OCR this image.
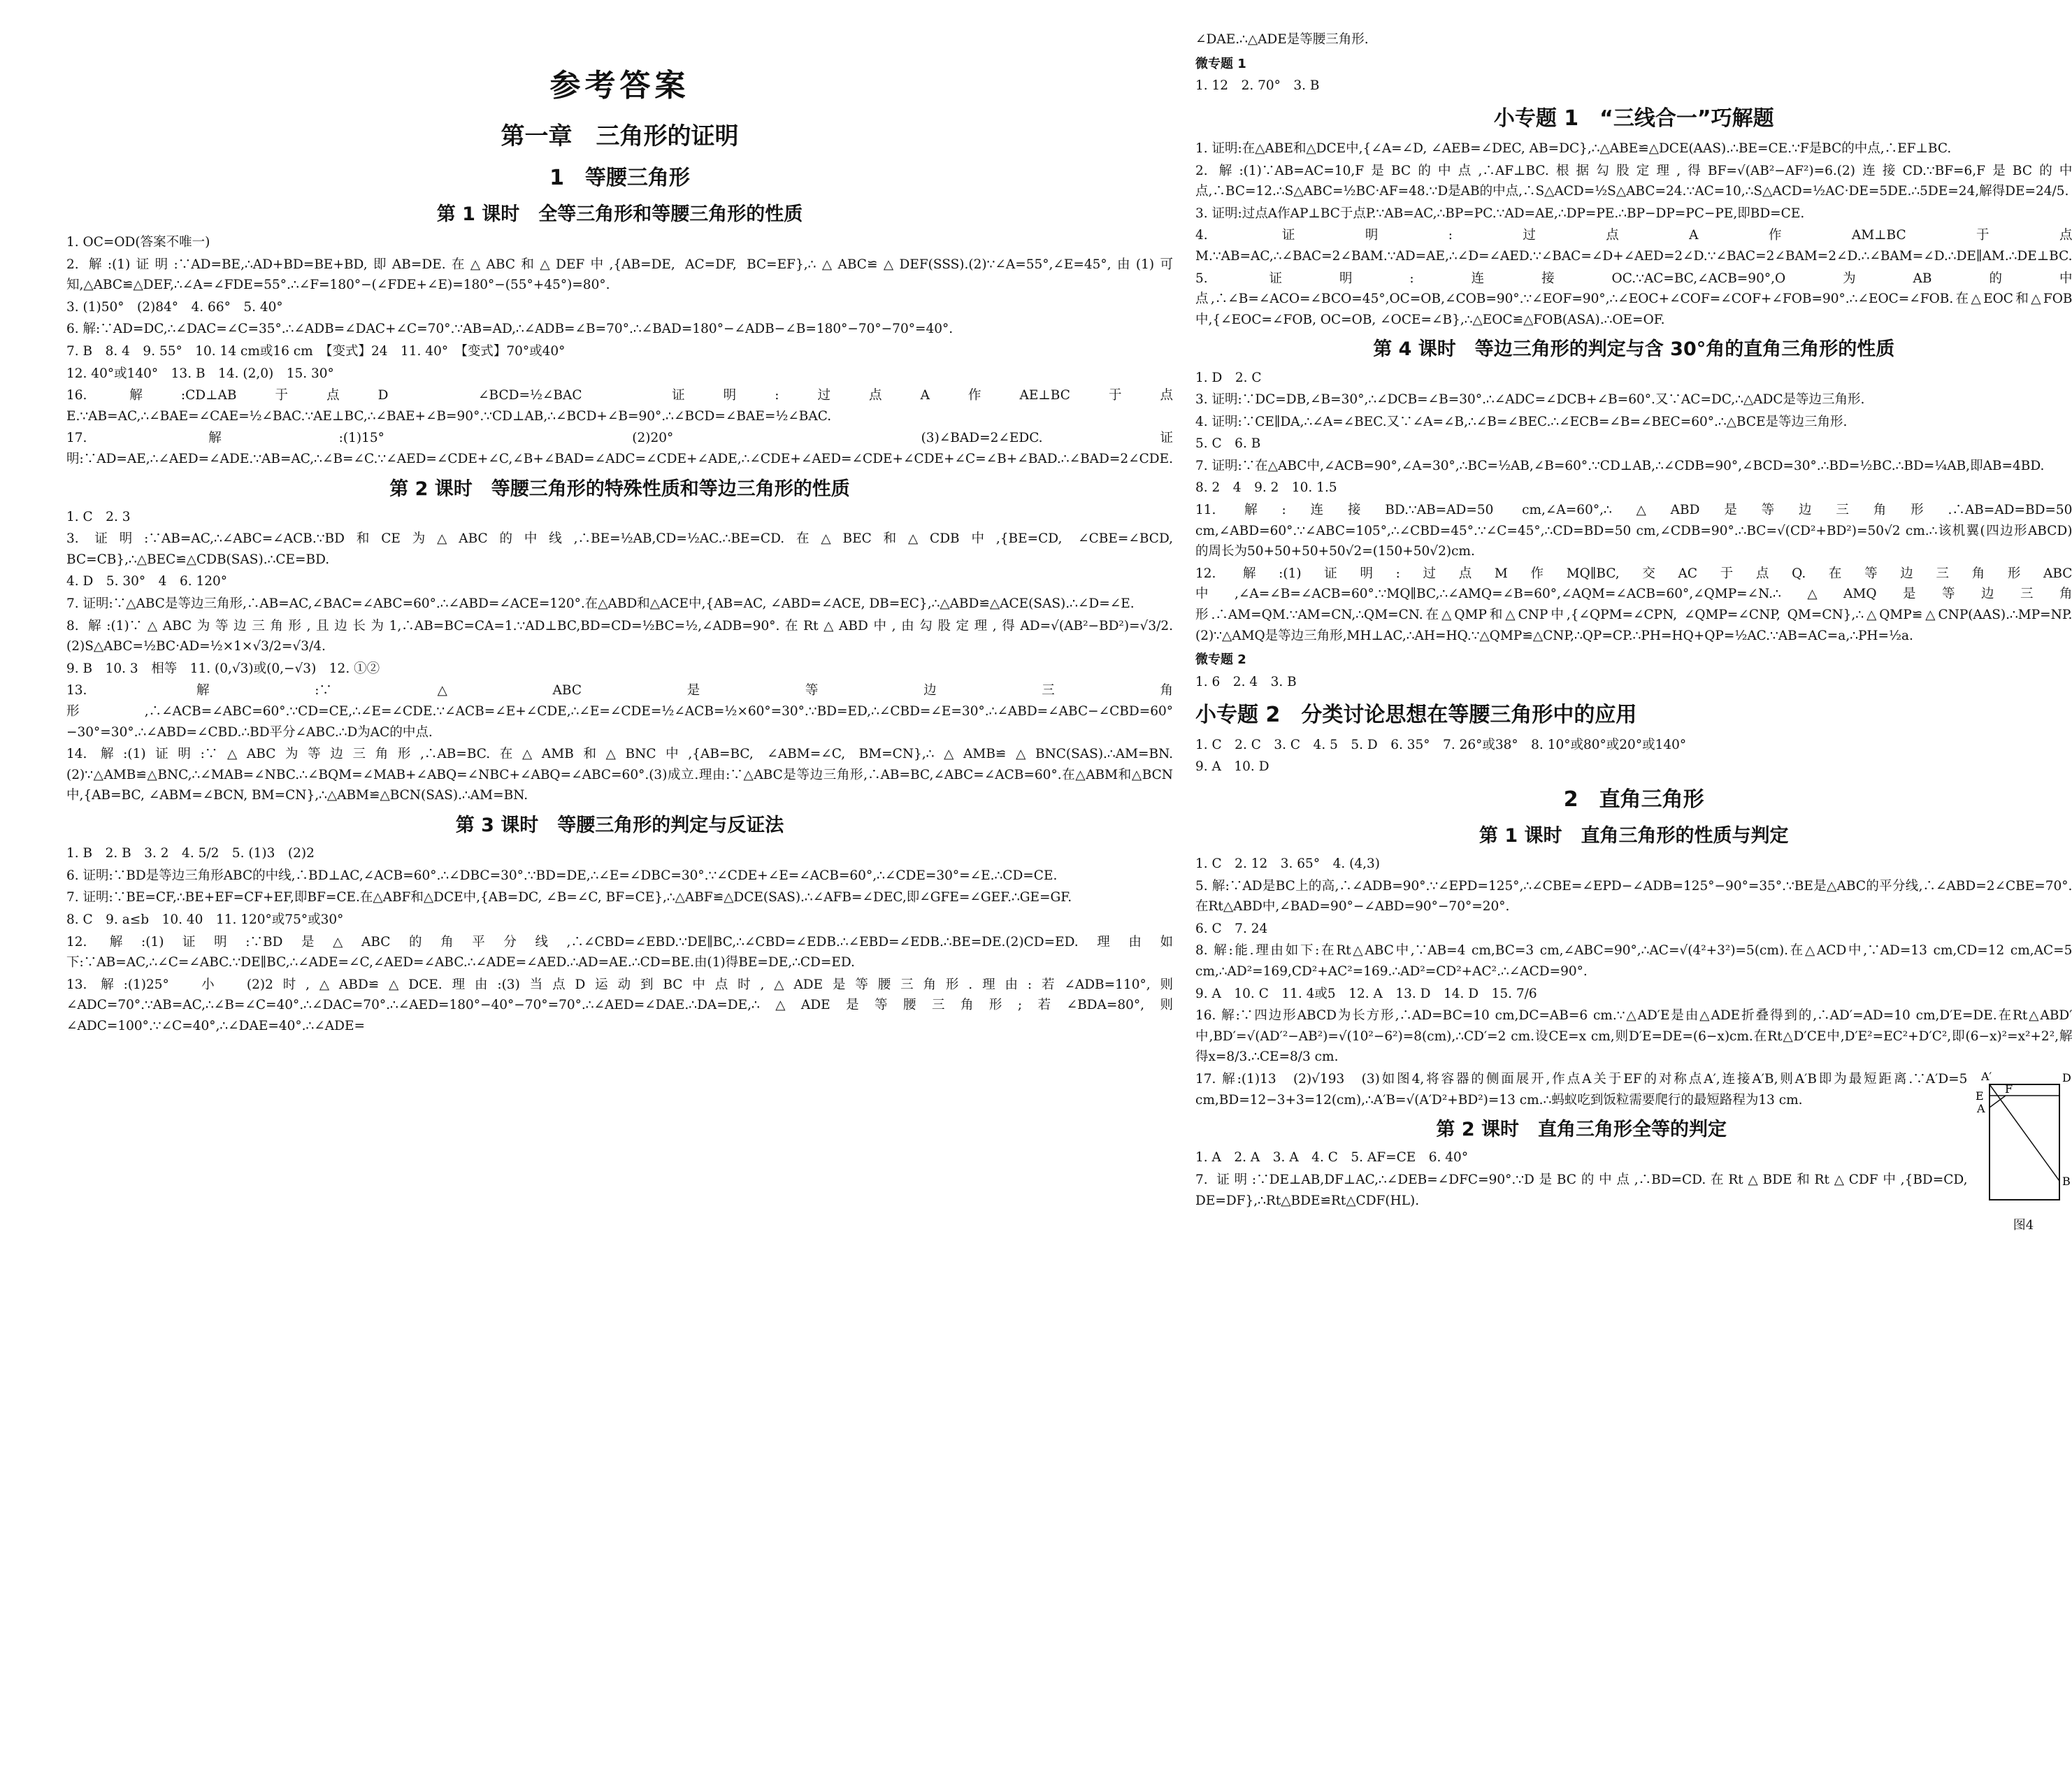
参考答案
第一章　三角形的证明
1　等腰三角形
第 1 课时　全等三角形和等腰三角形的性质

1. OC=OD(答案不唯一)

2. 解:(1)证明:∵AD=BE,∴AD+BD=BE+BD,即AB=DE.在△ABC和△DEF中,{AB=DE, AC=DF, BC=EF},∴△ABC≌△DEF(SSS).(2)∵∠A=55°,∠E=45°,由(1)可知,△ABC≌△DEF,∴∠A=∠FDE=55°.∴∠F=180°−(∠FDE+∠E)=180°−(55°+45°)=80°.

3. (1)50°　(2)84°　4. 66°　5. 40°

6. 解:∵AD=DC,∴∠DAC=∠C=35°.∴∠ADB=∠DAC+∠C=70°.∵AB=AD,∴∠ADB=∠B=70°.∴∠BAD=180°−∠ADB−∠B=180°−70°−70°=40°.

7. B　8. 4　9. 55°　10. 14 cm或16 cm　【变式】24　11. 40°　【变式】70°或40°

12. 40°或140°　13. B　14. (2,0)　15. 30°

16. 解:CD⊥AB于点D　∠BCD=½∠BAC　证明:过点A作AE⊥BC于点E.∵AB=AC,∴∠BAE=∠CAE=½∠BAC.∵AE⊥BC,∴∠BAE+∠B=90°.∵CD⊥AB,∴∠BCD+∠B=90°.∴∠BCD=∠BAE=½∠BAC.

17. 解:(1)15°　(2)20°　(3)∠BAD=2∠EDC.证明:∵AD=AE,∴∠AED=∠ADE.∵AB=AC,∴∠B=∠C.∵∠AED=∠CDE+∠C,∠B+∠BAD=∠ADC=∠CDE+∠ADE,∴∠CDE+∠AED=∠CDE+∠CDE+∠C=∠B+∠BAD.∴∠BAD=2∠CDE.

第 2 课时　等腰三角形的特殊性质和等边三角形的性质

1. C　2. 3

3. 证明:∵AB=AC,∴∠ABC=∠ACB.∵BD和CE为△ABC的中线,∴BE=½AB,CD=½AC.∴BE=CD.在△BEC和△CDB中,{BE=CD, ∠CBE=∠BCD, BC=CB},∴△BEC≌△CDB(SAS).∴CE=BD.

4. D　5. 30°　4　6. 120°

7. 证明:∵△ABC是等边三角形,∴AB=AC,∠BAC=∠ABC=60°.∴∠ABD=∠ACE=120°.在△ABD和△ACE中,{AB=AC, ∠ABD=∠ACE, DB=EC},∴△ABD≌△ACE(SAS).∴∠D=∠E.

8. 解:(1)∵△ABC为等边三角形,且边长为1,∴AB=BC=CA=1.∵AD⊥BC,BD=CD=½BC=½,∠ADB=90°.在Rt△ABD中,由勾股定理,得AD=√(AB²−BD²)=√3/2.(2)S△ABC=½BC·AD=½×1×√3/2=√3/4.

9. B　10. 3　相等　11. (0,√3)或(0,−√3)　12. ①②

13. 解:∵△ABC是等边三角形,∴∠ACB=∠ABC=60°.∵CD=CE,∴∠E=∠CDE.∵∠ACB=∠E+∠CDE,∴∠E=∠CDE=½∠ACB=½×60°=30°.∵BD=ED,∴∠CBD=∠E=30°.∴∠ABD=∠ABC−∠CBD=60°−30°=30°.∴∠ABD=∠CBD.∴BD平分∠ABC.∴D为AC的中点.

14. 解:(1)证明:∵△ABC为等边三角形,∴AB=BC.在△AMB和△BNC中,{AB=BC, ∠ABM=∠C, BM=CN},∴△AMB≌△BNC(SAS).∴AM=BN.(2)∵△AMB≌△BNC,∴∠MAB=∠NBC.∴∠BQM=∠MAB+∠ABQ=∠NBC+∠ABQ=∠ABC=60°.(3)成立.理由:∵△ABC是等边三角形,∴AB=BC,∠ABC=∠ACB=60°.在△ABM和△BCN中,{AB=BC, ∠ABM=∠BCN, BM=CN},∴△ABM≌△BCN(SAS).∴AM=BN.

第 3 课时　等腰三角形的判定与反证法

1. B　2. B　3. 2　4. 5/2　5. (1)3　(2)2

6. 证明:∵BD是等边三角形ABC的中线,∴BD⊥AC,∠ACB=60°.∴∠DBC=30°.∵BD=DE,∴∠E=∠DBC=30°.∵∠CDE+∠E=∠ACB=60°,∴∠CDE=30°=∠E.∴CD=CE.

7. 证明:∵BE=CF,∴BE+EF=CF+EF,即BF=CE.在△ABF和△DCE中,{AB=DC, ∠B=∠C, BF=CE},∴△ABF≌△DCE(SAS).∴∠AFB=∠DEC,即∠GFE=∠GEF.∴GE=GF.

8. C　9. a≤b　10. 40　11. 120°或75°或30°

12. 解:(1)证明:∵BD是△ABC的角平分线,∴∠CBD=∠EBD.∵DE∥BC,∴∠CBD=∠EDB.∴∠EBD=∠EDB.∴BE=DE.(2)CD=ED.理由如下:∵AB=AC,∴∠C=∠ABC.∵DE∥BC,∴∠ADE=∠C,∠AED=∠ABC.∴∠ADE=∠AED.∴AD=AE.∴CD=BE.由(1)得BE=DE,∴CD=ED.

13. 解:(1)25°　小　(2)2时,△ABD≌△DCE.理由:(3)当点D运动到BC中点时,△ADE是等腰三角形.理由:若∠ADB=110°,则∠ADC=70°.∵AB=AC,∴∠B=∠C=40°.∴∠DAC=70°.∴∠AED=180°−40°−70°=70°.∴∠AED=∠DAE.∴DA=DE,∴△ADE是等腰三角形;若∠BDA=80°,则∠ADC=100°.∵∠C=40°,∴∠DAE=40°.∴∠ADE=

∠DAE.∴△ADE是等腰三角形.

微专题 1

1. 12　2. 70°　3. B

小专题 1　“三线合一”巧解题

1. 证明:在△ABE和△DCE中,{∠A=∠D, ∠AEB=∠DEC, AB=DC},∴△ABE≌△DCE(AAS).∴BE=CE.∵F是BC的中点,∴EF⊥BC.

2. 解:(1)∵AB=AC=10,F是BC的中点,∴AF⊥BC.根据勾股定理,得BF=√(AB²−AF²)=6.(2)连接CD.∵BF=6,F是BC的中点,∴BC=12.∴S△ABC=½BC·AF=48.∵D是AB的中点,∴S△ACD=½S△ABC=24.∵AC=10,∴S△ACD=½AC·DE=5DE.∴5DE=24,解得DE=24/5.

3. 证明:过点A作AP⊥BC于点P.∵AB=AC,∴BP=PC.∵AD=AE,∴DP=PE.∴BP−DP=PC−PE,即BD=CE.

4. 证明:过点A作AM⊥BC于点M.∵AB=AC,∴∠BAC=2∠BAM.∵AD=AE,∴∠D=∠AED.∵∠BAC=∠D+∠AED=2∠D.∵∠BAC=2∠BAM=2∠D.∴∠BAM=∠D.∴DE∥AM.∴DE⊥BC.

5. 证明:连接OC.∵AC=BC,∠ACB=90°,O为AB的中点,∴∠B=∠ACO=∠BCO=45°,OC=OB,∠COB=90°.∵∠EOF=90°,∴∠EOC+∠COF=∠COF+∠FOB=90°.∴∠EOC=∠FOB.在△EOC和△FOB中,{∠EOC=∠FOB, OC=OB, ∠OCE=∠B},∴△EOC≌△FOB(ASA).∴OE=OF.

第 4 课时　等边三角形的判定与含 30°角的直角三角形的性质

1. D　2. C

3. 证明:∵DC=DB,∠B=30°,∴∠DCB=∠B=30°.∴∠ADC=∠DCB+∠B=60°.又∵AC=DC,∴△ADC是等边三角形.

4. 证明:∵CE∥DA,∴∠A=∠BEC.又∵∠A=∠B,∴∠B=∠BEC.∴∠ECB=∠B=∠BEC=60°.∴△BCE是等边三角形.

5. C　6. B

7. 证明:∵在△ABC中,∠ACB=90°,∠A=30°,∴BC=½AB,∠B=60°.∵CD⊥AB,∴∠CDB=90°,∠BCD=30°.∴BD=½BC.∴BD=¼AB,即AB=4BD.

8. 2　4　9. 2　10. 1.5

11. 解:连接BD.∵AB=AD=50 cm,∠A=60°,∴△ABD是等边三角形.∴AB=AD=BD=50 cm,∠ABD=60°.∵∠ABC=105°,∴∠CBD=45°.∵∠C=45°,∴CD=BD=50 cm,∠CDB=90°.∴BC=√(CD²+BD²)=50√2 cm.∴该机翼(四边形ABCD)的周长为50+50+50+50√2=(150+50√2)cm.

12. 解:(1)证明:过点M作MQ∥BC,交AC于点Q.在等边三角形ABC中,∠A=∠B=∠ACB=60°.∵MQ∥BC,∴∠AMQ=∠B=60°,∠AQM=∠ACB=60°,∠QMP=∠N.∴△AMQ是等边三角形.∴AM=QM.∵AM=CN,∴QM=CN.在△QMP和△CNP中,{∠QPM=∠CPN, ∠QMP=∠CNP, QM=CN},∴△QMP≌△CNP(AAS).∴MP=NP.(2)∵△AMQ是等边三角形,MH⊥AC,∴AH=HQ.∵△QMP≌△CNP,∴QP=CP.∴PH=HQ+QP=½AC.∵AB=AC=a,∴PH=½a.

微专题 2

1. 6　2. 4　3. B

小专题 2　分类讨论思想在等腰三角形中的应用

1. C　2. C　3. C　4. 5　5. D　6. 35°　7. 26°或38°　8. 10°或80°或20°或140°

9. A　10. D

2　直角三角形
第 1 课时　直角三角形的性质与判定

1. C　2. 12　3. 65°　4. (4,3)

5. 解:∵AD是BC上的高,∴∠ADB=90°.∵∠EPD=125°,∴∠CBE=∠EPD−∠ADB=125°−90°=35°.∵BE是△ABC的平分线,∴∠ABD=2∠CBE=70°.在Rt△ABD中,∠BAD=90°−∠ABD=90°−70°=20°.

6. C　7. 24

8. 解:能.理由如下:在Rt△ABC中,∵AB=4 cm,BC=3 cm,∠ABC=90°,∴AC=√(4²+3²)=5(cm).在△ACD中,∵AD=13 cm,CD=12 cm,AC=5 cm,∴AD²=169,CD²+AC²=169.∴AD²=CD²+AC².∴∠ACD=90°.

9. A　10. C　11. 4或5　12. A　13. D　14. D　15. 7/6

16. 解:∵四边形ABCD为长方形,∴AD=BC=10 cm,DC=AB=6 cm.∵△AD′E是由△ADE折叠得到的,∴AD′=AD=10 cm,D′E=DE.在Rt△ABD′中,BD′=√(AD′²−AB²)=√(10²−6²)=8(cm),∴CD′=2 cm.设CE=x cm,则D′E=DE=(6−x)cm.在Rt△D′CE中,D′E²=EC²+D′C²,即(6−x)²=x²+2²,解得x=8/3.∴CE=8/3 cm.

A′	D
E
F
A
B
图4

17. 解:(1)13　(2)√193　(3)如图4,将容器的侧面展开,作点A关于EF的对称点A′,连接A′B,则A′B即为最短距离.∵A′D=5 cm,BD=12−3+3=12(cm),∴A′B=√(A′D²+BD²)=13 cm.∴蚂蚁吃到饭粒需要爬行的最短路程为13 cm.

第 2 课时　直角三角形全等的判定

1. A　2. A　3. A　4. C　5. AF=CE　6. 40°

7. 证明:∵DE⊥AB,DF⊥AC,∴∠DEB=∠DFC=90°.∵D是BC的中点,∴BD=CD.在Rt△BDE和Rt△CDF中,{BD=CD, DE=DF},∴Rt△BDE≌Rt△CDF(HL).
